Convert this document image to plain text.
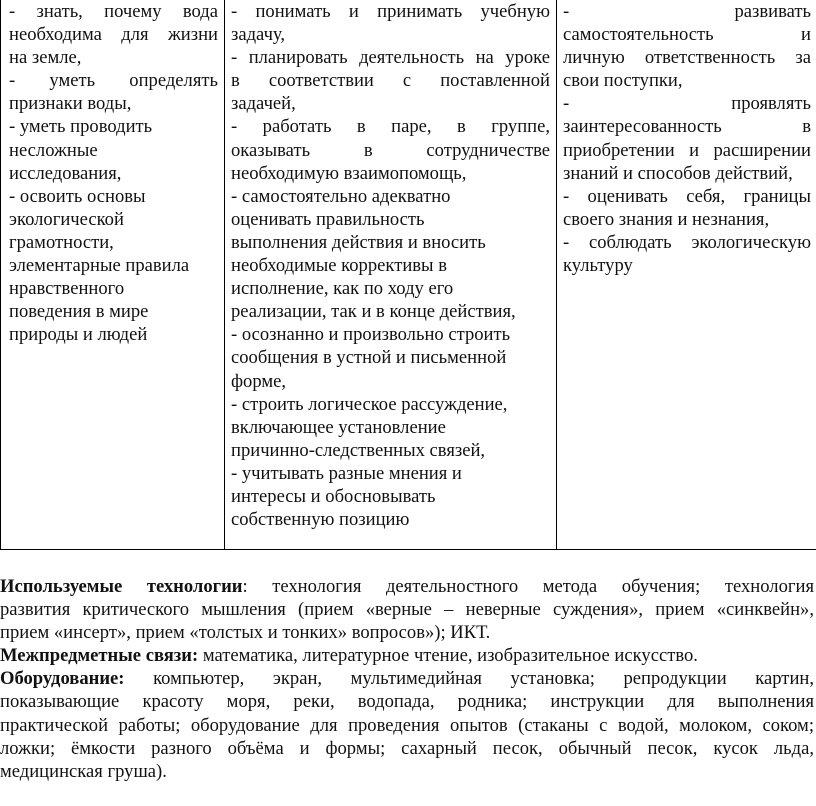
- знать, почему вода
необходима для жизни
на земле,
- уметь определять
признаки воды,
- уметь проводить
несложные
исследования,
- освоить основы
экологической
грамотности,
элементарные правила
нравственного
поведения в мире
природы и людей

- понимать и принимать учебную
задачу,
- планировать деятельность на уроке
в соответствии с поставленной
задачей,
- работать в паре, в группе,
оказывать в сотрудничестве
необходимую взаимопомощь,
- самостоятельно адекватно
оценивать правильность
выполнения действия и вносить
необходимые коррективы в
исполнение, как по ходу его
реализации, так и в конце действия,
- осознанно и произвольно строить
сообщения в устной и письменной
форме,
- строить логическое рассуждение,
включающее установление
причинно-следственных связей,
- учитывать разные мнения и
интересы и обосновывать
собственную позицию

- развивать
самостоятельность и
личную ответственность за
свои поступки,
- проявлять
заинтересованность в
приобретении и расширении
знаний и способов действий,
- оценивать себя, границы
своего знания и незнания,
- соблюдать экологическую
культуру
Используемые технологии: технология деятельностного метода обучения; технология
развития критического мышления (прием «верные – неверные суждения», прием «синквейн»,
прием «инсерт», прием «толстых и тонких» вопросов»); ИКТ.
Межпредметные связи: математика, литературное чтение, изобразительное искусство.
Оборудование: компьютер, экран, мультимедийная установка; репродукции картин,
показывающие красоту моря, реки, водопада, родника; инструкции для выполнения
практической работы; оборудование для проведения опытов (стаканы с водой, молоком, соком;
ложки; ёмкости разного объёма и формы; сахарный песок, обычный песок, кусок льда,
медицинская груша).
